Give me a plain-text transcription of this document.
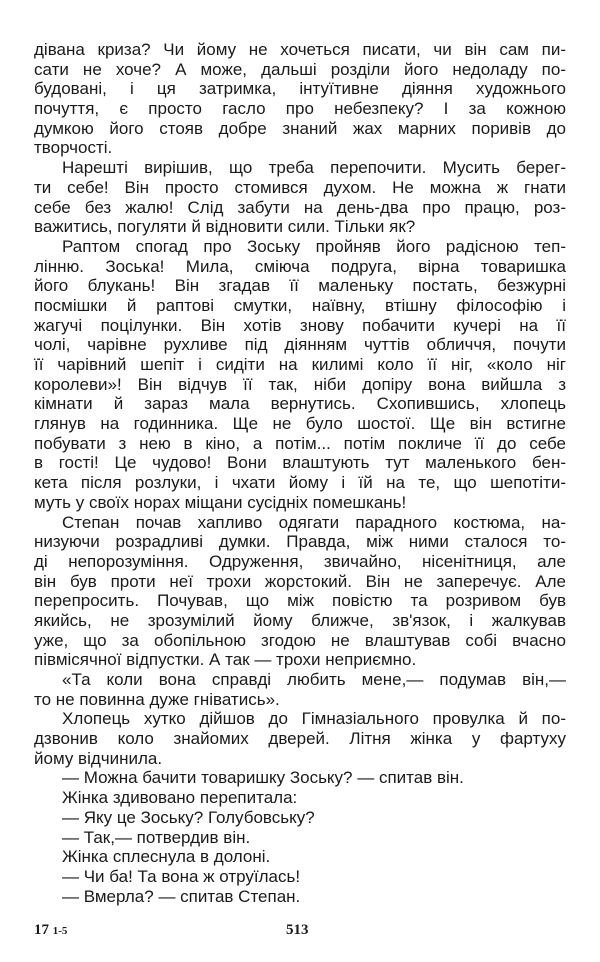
дівана криза? Чи йому не хочеться писати, чи він сам пи-
сати не хоче? А може, дальші розділи його недоладу по-
будовані, і ця затримка, інтуїтивне діяння художнього
почуття, є просто гасло про небезпеку? І за кожною
думкою його стояв добре знаний жах марних поривів до
творчості.
Нарешті вирішив, що треба перепочити. Мусить берег-
ти себе! Він просто стомився духом. Не можна ж гнати
себе без жалю! Слід забути на день-два про працю, роз-
важитись, погуляти й відновити сили. Тільки як?
Раптом спогад про Зоську пройняв його радісною теп-
лінню. Зоська! Мила, сміюча подруга, вірна товаришка
його блукань! Він згадав її маленьку постать, безжурні
посмішки й раптові смутки, наївну, втішну філософію і
жагучі поцілунки. Він хотів знову побачити кучері на її
чолі, чарівне рухливе під діянням чуттів обличчя, почути
її чарівний шепіт і сидіти на килимі коло її ніг, «коло ніг
королеви»! Він відчув її так, ніби допіру вона вийшла з
кімнати й зараз мала вернутись. Схопившись, хлопець
глянув на годинника. Ще не було шостої. Ще він встигне
побувати з нею в кіно, а потім... потім покличе її до себе
в гості! Це чудово! Вони влаштують тут маленького бен-
кета після розлуки, і чхати йому і їй на те, що шепотіти-
муть у своїх норах міщани сусідніх помешкань!
Степан почав хапливо одягати парадного костюма, на-
низуючи розрадливі думки. Правда, між ними сталося то-
ді непорозуміння. Одруження, звичайно, нісенітниця, але
він був проти неї трохи жорстокий. Він не заперечує. Але
перепросить. Почував, що між повістю та розривом був
якийсь, не зрозумілий йому ближче, зв'язок, і жалкував
уже, що за обопільною згодою не влаштував собі вчасно
півмісячної відпустки. А так — трохи неприємно.
«Та коли вона справді любить мене,— подумав він,—
то не повинна дуже гніватись».
Хлопець хутко дійшов до Гімназіального провулка й по-
дзвонив коло знайомих дверей. Літня жінка у фартуху
йому відчинила.
— Можна бачити товаришку Зоську? — спитав він.
Жінка здивовано перепитала:
— Яку це Зоську? Голубовську?
— Так,— потвердив він.
Жінка сплеснула в долоні.
— Чи ба! Та вона ж отруїлась!
— Вмерла? — спитав Степан.
17 1-5	513
